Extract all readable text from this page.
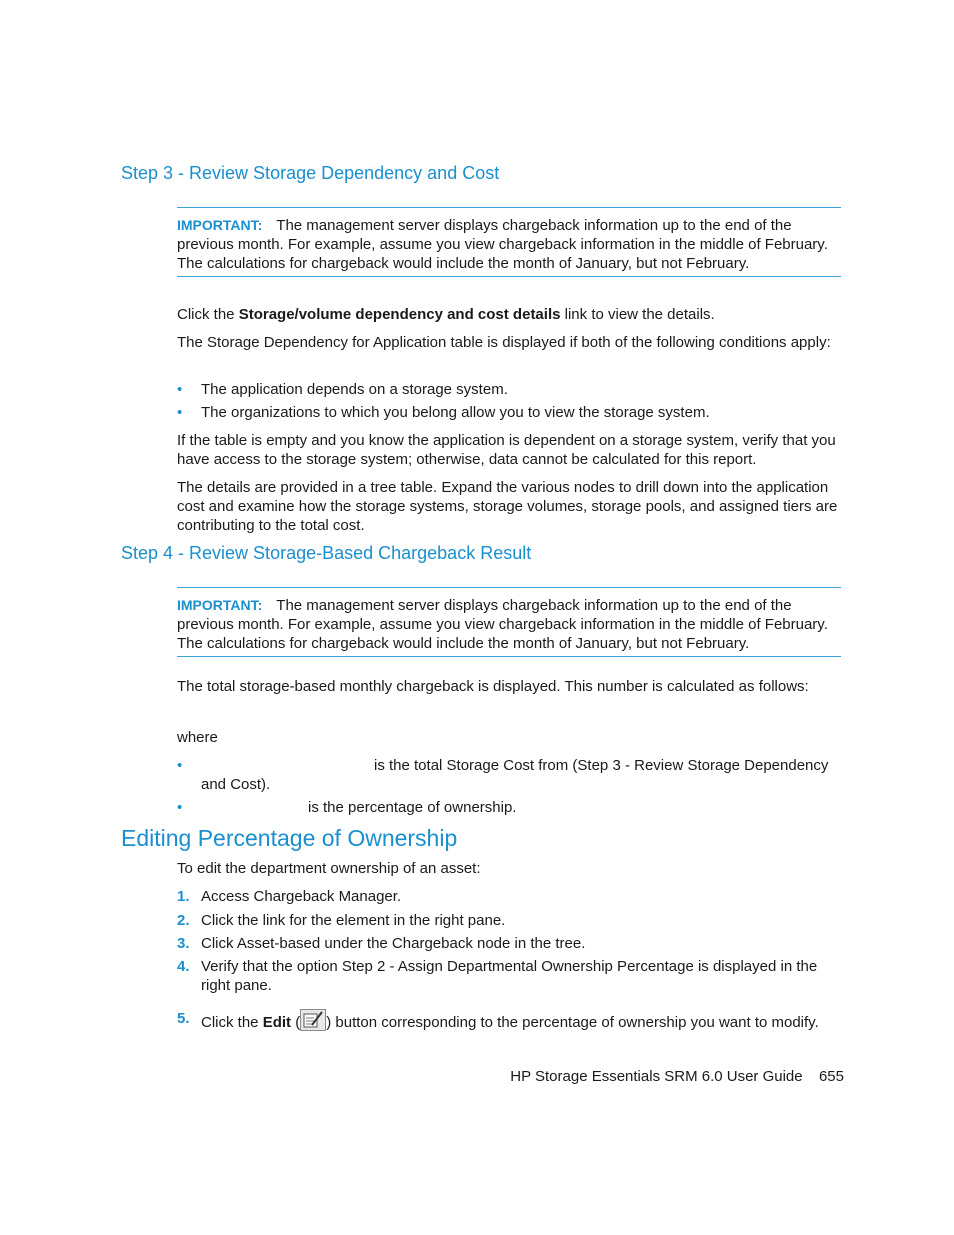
Step 3 - Review Storage Dependency and Cost
IMPORTANT: The management server displays chargeback information up to the end of the previous month. For example, assume you view chargeback information in the middle of February. The calculations for chargeback would include the month of January, but not February.
Click the Storage/volume dependency and cost details link to view the details.
The Storage Dependency for Application table is displayed if both of the following conditions apply:
•	The application depends on a storage system.
•	The organizations to which you belong allow you to view the storage system.
If the table is empty and you know the application is dependent on a storage system, verify that you have access to the storage system; otherwise, data cannot be calculated for this report.
The details are provided in a tree table. Expand the various nodes to drill down into the application cost and examine how the storage systems, storage volumes, storage pools, and assigned tiers are contributing to the total cost.
Step 4 - Review Storage-Based Chargeback Result
IMPORTANT: The management server displays chargeback information up to the end of the previous month. For example, assume you view chargeback information in the middle of February. The calculations for chargeback would include the month of January, but not February.
The total storage-based monthly chargeback is displayed. This number is calculated as follows:
where
•	is the total Storage Cost from (Step 3 - Review Storage Dependency and Cost).
•	is the percentage of ownership.
Editing Percentage of Ownership
To edit the department ownership of an asset:
1. Access Chargeback Manager.
2. Click the link for the element in the right pane.
3. Click Asset-based under the Chargeback node in the tree.
4. Verify that the option Step 2 - Assign Departmental Ownership Percentage is displayed in the right pane.
5. Click the Edit ( ) button corresponding to the percentage of ownership you want to modify.
HP Storage Essentials SRM 6.0 User Guide 655
